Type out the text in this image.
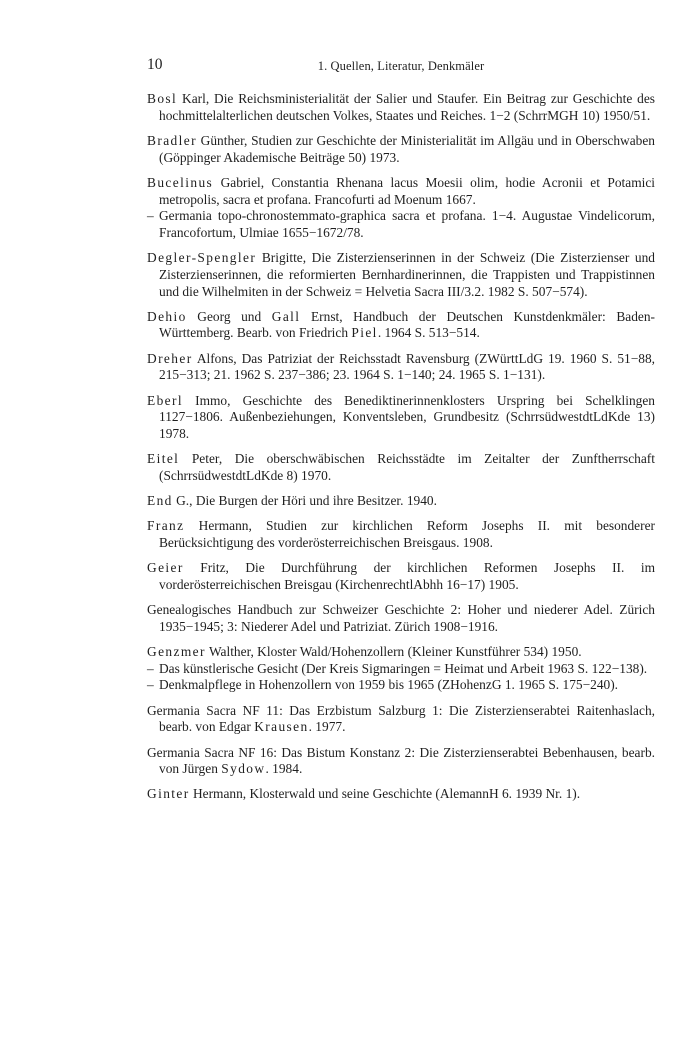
10	1. Quellen, Literatur, Denkmäler
Bosl Karl, Die Reichsministerialität der Salier und Staufer. Ein Beitrag zur Geschichte des hochmittelalterlichen deutschen Volkes, Staates und Reiches. 1−2 (SchrrMGH 10) 1950/51.
Bradler Günther, Studien zur Geschichte der Ministerialität im Allgäu und in Oberschwaben (Göppinger Akademische Beiträge 50) 1973.
Bucelinus Gabriel, Constantia Rhenana lacus Moesii olim, hodie Acronii et Potamici metropolis, sacra et profana. Francofurti ad Moenum 1667.
– Germania topo-chronostemmato-graphica sacra et profana. 1−4. Augustae Vindelicorum, Francofortum, Ulmiae 1655−1672/78.
Degler-Spengler Brigitte, Die Zisterzienserinnen in der Schweiz (Die Zisterzienser und Zisterzienserinnen, die reformierten Bernhardinerinnen, die Trappisten und Trappistinnen und die Wilhelmiten in der Schweiz = Helvetia Sacra III/3.2. 1982 S. 507−574).
Dehio Georg und Gall Ernst, Handbuch der Deutschen Kunstdenkmäler: Baden-Württemberg. Bearb. von Friedrich Piel. 1964 S. 513−514.
Dreher Alfons, Das Patriziat der Reichsstadt Ravensburg (ZWürttLdG 19. 1960 S. 51−88, 215−313; 21. 1962 S. 237−386; 23. 1964 S. 1−140; 24. 1965 S. 1−131).
Eberl Immo, Geschichte des Benediktinerinnenklosters Urspring bei Schelklingen 1127−1806. Außenbeziehungen, Konventsleben, Grundbesitz (SchrrsüdwestdtLdKde 13) 1978.
Eitel Peter, Die oberschwäbischen Reichsstädte im Zeitalter der Zunftherrschaft (SchrrsüdwestdtLdKde 8) 1970.
End G., Die Burgen der Höri und ihre Besitzer. 1940.
Franz Hermann, Studien zur kirchlichen Reform Josephs II. mit besonderer Berücksichtigung des vorderösterreichischen Breisgaus. 1908.
Geier Fritz, Die Durchführung der kirchlichen Reformen Josephs II. im vorderösterreichischen Breisgau (KirchenrechtlAbhh 16−17) 1905.
Genealogisches Handbuch zur Schweizer Geschichte 2: Hoher und niederer Adel. Zürich 1935−1945; 3: Niederer Adel und Patriziat. Zürich 1908−1916.
Genzmer Walther, Kloster Wald/Hohenzollern (Kleiner Kunstführer 534) 1950.
– Das künstlerische Gesicht (Der Kreis Sigmaringen = Heimat und Arbeit 1963 S. 122−138).
– Denkmalpflege in Hohenzollern von 1959 bis 1965 (ZHohenzG 1. 1965 S. 175−240).
Germania Sacra NF 11: Das Erzbistum Salzburg 1: Die Zisterzienserabtei Raitenhaslach, bearb. von Edgar Krausen. 1977.
Germania Sacra NF 16: Das Bistum Konstanz 2: Die Zisterzienserabtei Bebenhausen, bearb. von Jürgen Sydow. 1984.
Ginter Hermann, Klosterwald und seine Geschichte (AlemannH 6. 1939 Nr. 1).
